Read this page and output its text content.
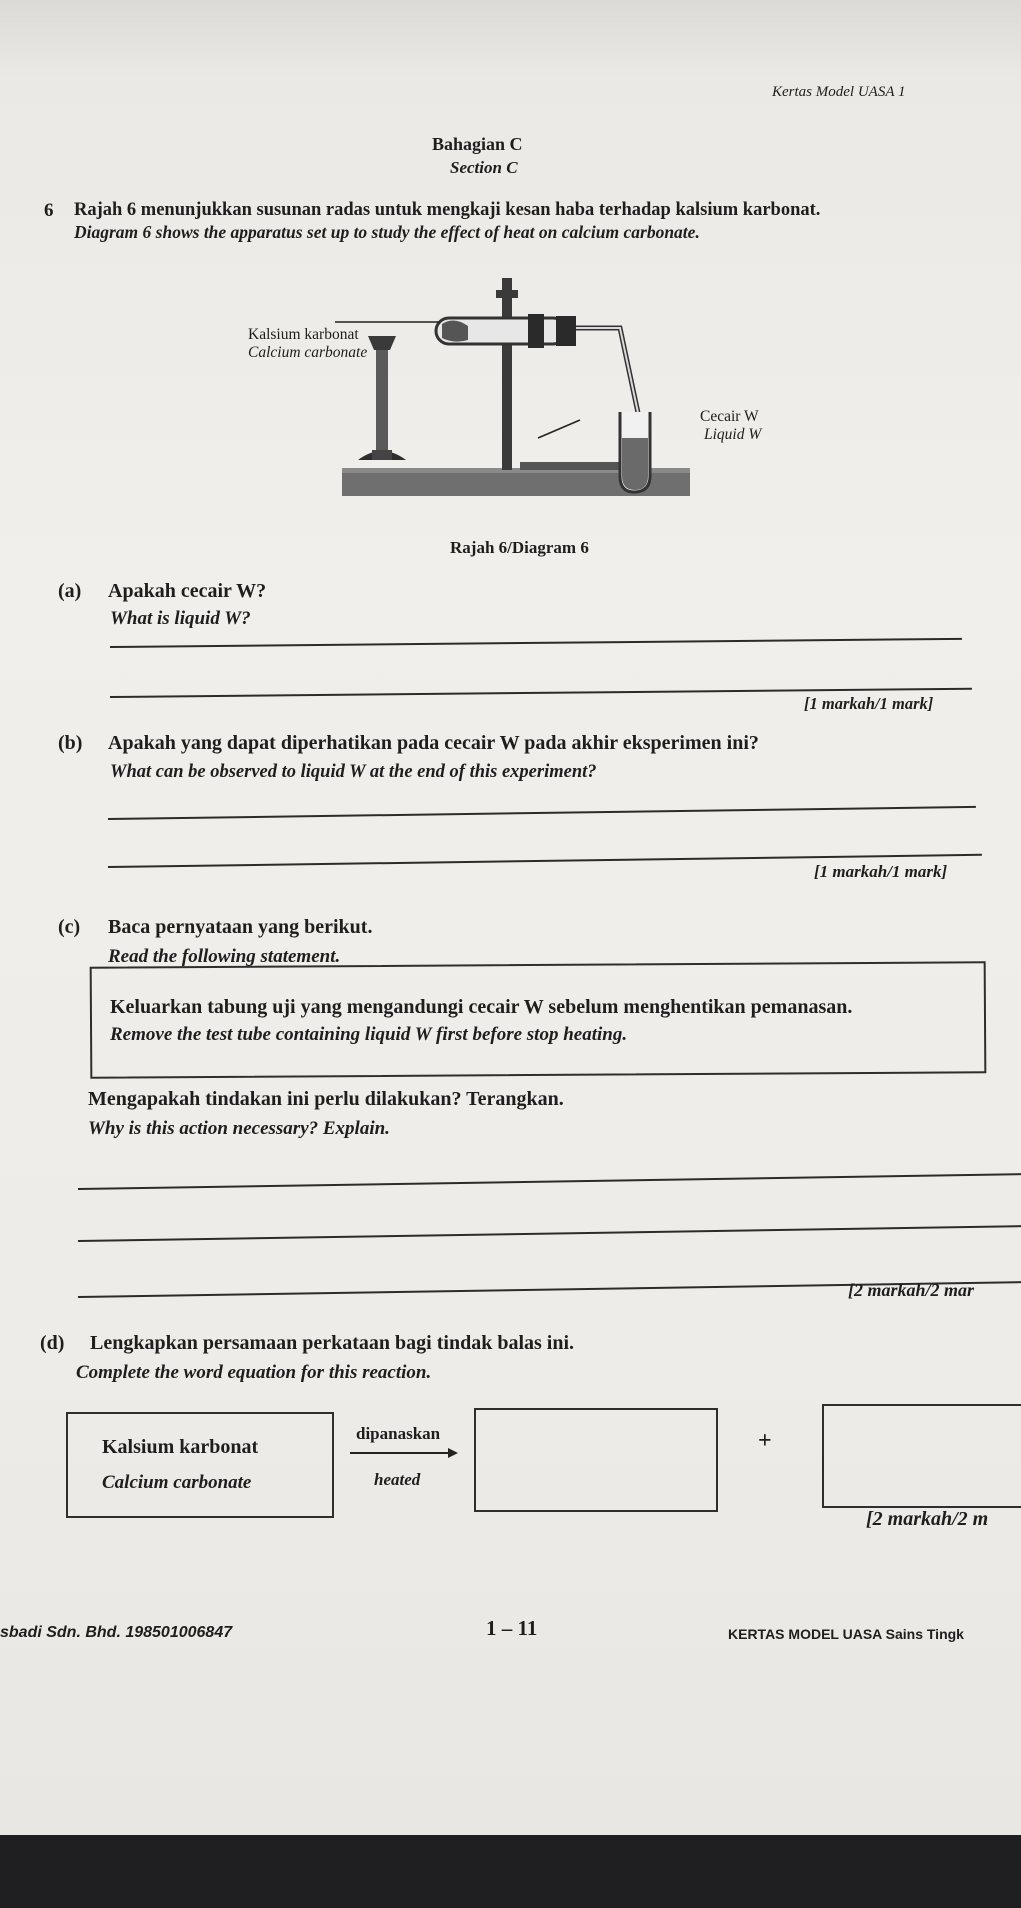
Kertas Model UASA 1
Bahagian C
Section C
6 Rajah 6 menunjukkan susunan radas untuk mengkaji kesan haba terhadap kalsium karbonat.
Diagram 6 shows the apparatus set up to study the effect of heat on calcium carbonate.
Kalsium karbonat
Calcium carbonate
Cecair W
Liquid W
Rajah 6/Diagram 6
(a) Apakah cecair W?
What is liquid W?
[1 markah/1 mark]
(b) Apakah yang dapat diperhatikan pada cecair W pada akhir eksperimen ini?
What can be observed to liquid W at the end of this experiment?
[1 markah/1 mark]
(c) Baca pernyataan yang berikut.
Read the following statement.
Keluarkan tabung uji yang mengandungi cecair W sebelum menghentikan pemanasan.
Remove the test tube containing liquid W first before stop heating.
Mengapakah tindakan ini perlu dilakukan? Terangkan.
Why is this action necessary? Explain.
[2 markah/2 mar
(d) Lengkapkan persamaan perkataan bagi tindak balas ini.
Complete the word equation for this reaction.
Kalsium karbonat
Calcium carbonate
dipanaskan
heated
+
[2 markah/2 m
sbadi Sdn. Bhd. 198501006847	1 – 11	KERTAS MODEL UASA Sains Tingk
